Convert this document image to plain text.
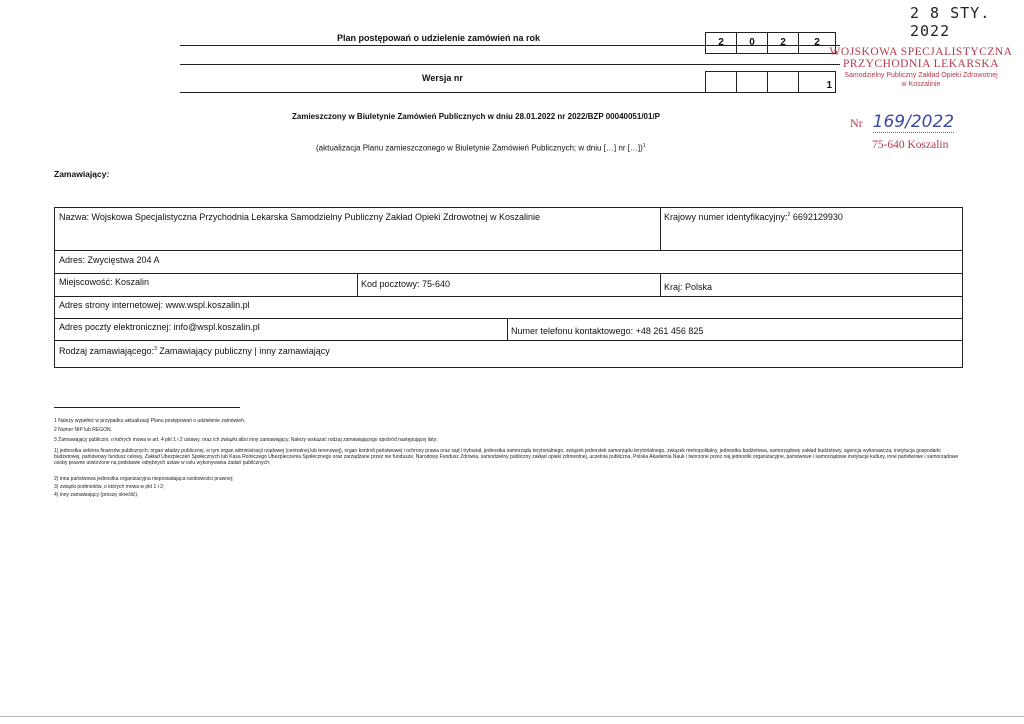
2 8 STY. 2022
Plan postępowań o udzielenie zamówień na rok	2	0	2	2
Wersja nr
1
WOJSKOWA SPECJALISTYCZNA
PRZYCHODNIA LEKARSKA
Samodzielny Publiczny Zakład Opieki Zdrowotnej
w Koszalinie
Nr 169/2022
75-640 Koszalin
Zamieszczony w Biuletynie Zamówień Publicznych w dniu 28.01.2022 nr 2022/BZP 00040051/01/P
(aktualizacja Planu zamieszczonego w Biuletynie Zamówień Publicznych; w dniu […] nr […])$^1$
Zamawiający:
Nazwa: Wojskowa Specjalistyczna Przychodnia Lekarska Samodzielny Publiczny Zakład Opieki Zdrowotnej w Koszalinie	Krajowy numer identyfikacyjny:$^2$ 6692129930
Adres: Zwycięstwa 204 A
Miejscowość: Koszalin	Kod pocztowy: 75-640	Kraj: Polska
Adres strony internetowej: www.wspl.koszalin.pl
Adres poczty elektronicznej: info@wspl.koszalin.pl	Numer telefonu kontaktowego: +48 261 456 825
Rodzaj zamawiającego:$^3$ Zamawiający publiczny | inny zamawiający
1 Należy wypełnić w przypadku aktualizacji Planu postępowań o udzielenie zamówień.
2 Numer NIP lub REGON.
3 Zamawiający publiczni, o których mowa w art. 4 pkt 1 i 2 ustawy, oraz ich związki albo inny zamawiający. Należy wskazać rodzaj zamawiającego spośród następującej listy:
1) jednostka sektora finansów publicznych: organ władzy publicznej, w tym organ administracji rządowej (centralnej lub terenowej), organ kontroli państwowej i ochrony prawa oraz sąd i trybunał, jednostka samorządu terytorialnego, związek jednostek samorządu terytorialnego, związek metropolitalny, jednostka budżetowa, samorządowy zakład budżetowy, agencja wykonawcza, instytucja gospodarki budżetowej, państwowy fundusz celowy, Zakład Ubezpieczeń Społecznych lub Kasa Rolniczego Ubezpieczenia Społecznego oraz zarządzane przez nie fundusze, Narodowy Fundusz Zdrowia, samodzielny publiczny zakład opieki zdrowotnej, uczelnia publiczna, Polska Akademia Nauk i tworzone przez nią jednostki organizacyjne, państwowe i samorządowe instytucje kultury, inne państwowe i samorządowe osoby prawne utworzone na podstawie odrębnych ustaw w celu wykonywania zadań publicznych;
2) inna państwowa jednostka organizacyjna nieposiadająca osobowości prawnej;
3) związki podmiotów, o których mowa w pkt 1 i 2;
4) inny zamawiający (proszę określić).
